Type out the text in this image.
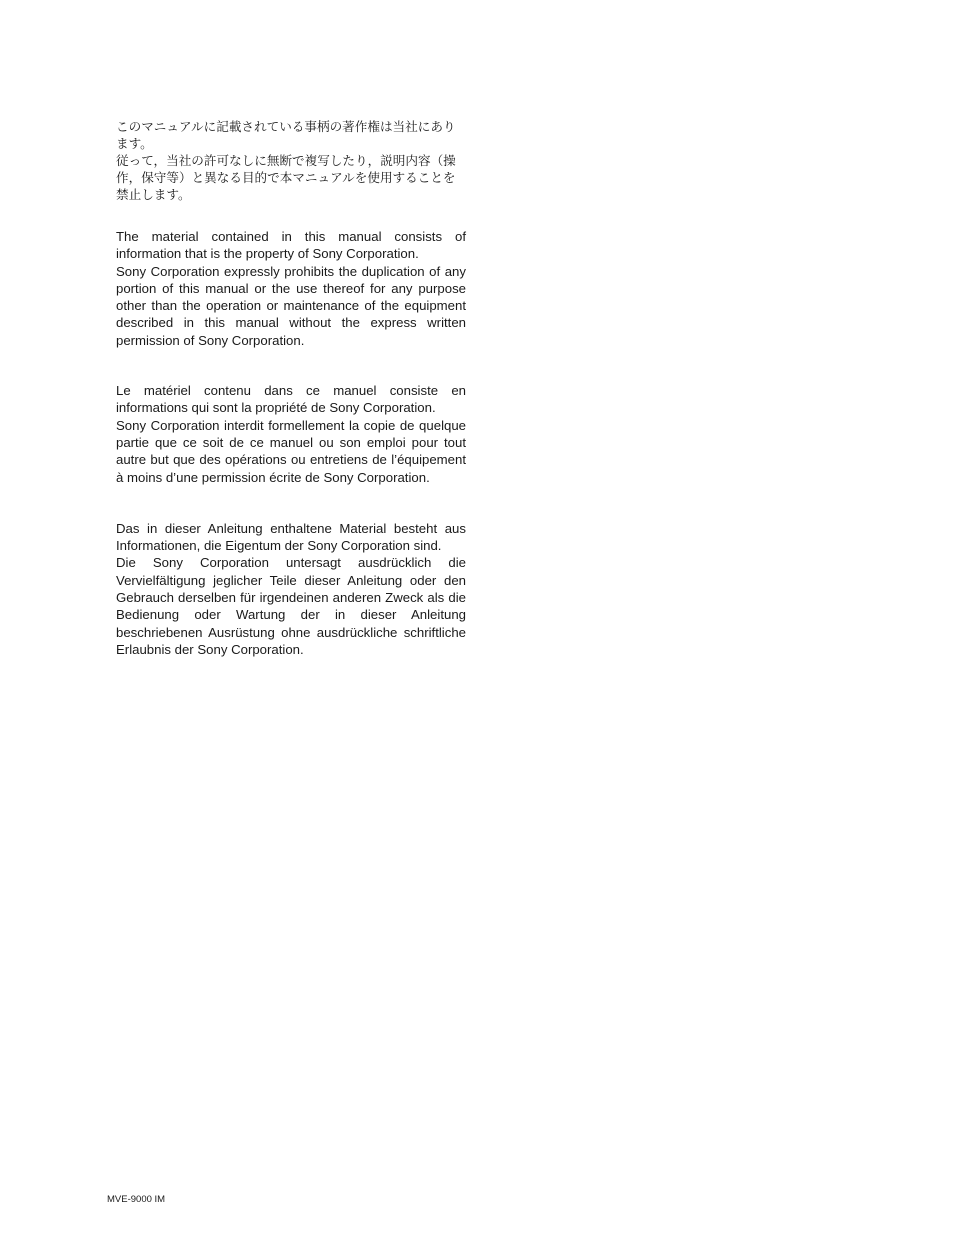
このマニュアルに記載されている事柄の著作権は当社にあります。

従って，当社の許可なしに無断で複写したり，説明内容（操作，保守等）と異なる目的で本マニュアルを使用することを禁止します。

The material contained in this manual consists of information that is the property of Sony Corporation.

Sony Corporation expressly prohibits the duplication of any portion of this manual or the use thereof for any purpose other than the operation or maintenance of the equipment described in this manual without the express written permission of Sony Corporation.

Le matériel contenu dans ce manuel consiste en informations qui sont la propriété de Sony Corporation.

Sony Corporation interdit formellement la copie de quelque partie que ce soit de ce manuel ou son emploi pour tout autre but que des opérations ou entretiens de l’équipement à moins d’une permission écrite de Sony Corporation.

Das in dieser Anleitung enthaltene Material besteht aus Informationen, die Eigentum der Sony Corporation sind.

Die Sony Corporation untersagt ausdrücklich die Vervielfältigung jeglicher Teile dieser Anleitung oder den Gebrauch derselben für irgendeinen anderen Zweck als die Bedienung oder Wartung der in dieser Anleitung beschriebenen Ausrüstung ohne ausdrückliche schriftliche Erlaubnis der Sony Corporation.

MVE-9000 IM
